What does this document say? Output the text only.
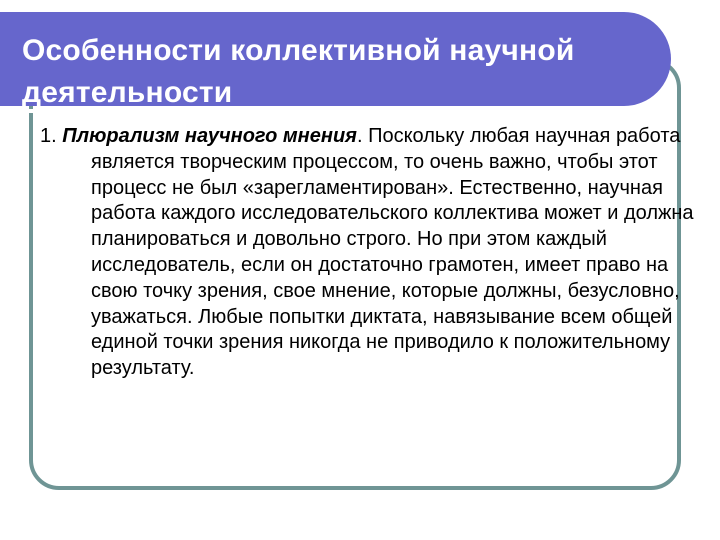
Особенности коллективной научной деятельности

1. Плюрализм научного мнения. Поскольку любая научная работа является творческим процессом, то очень важно, чтобы этот процесс не был «зарегламентирован». Естественно, научная работа каждого исследовательского коллектива может и должна планироваться и довольно строго. Но при этом каждый исследователь, если он достаточно грамотен, имеет право на свою точку зрения, свое мнение, которые должны, безусловно, уважаться. Любые попытки диктата, навязывание всем общей единой точки зрения никогда не приводило к положительному результату.
